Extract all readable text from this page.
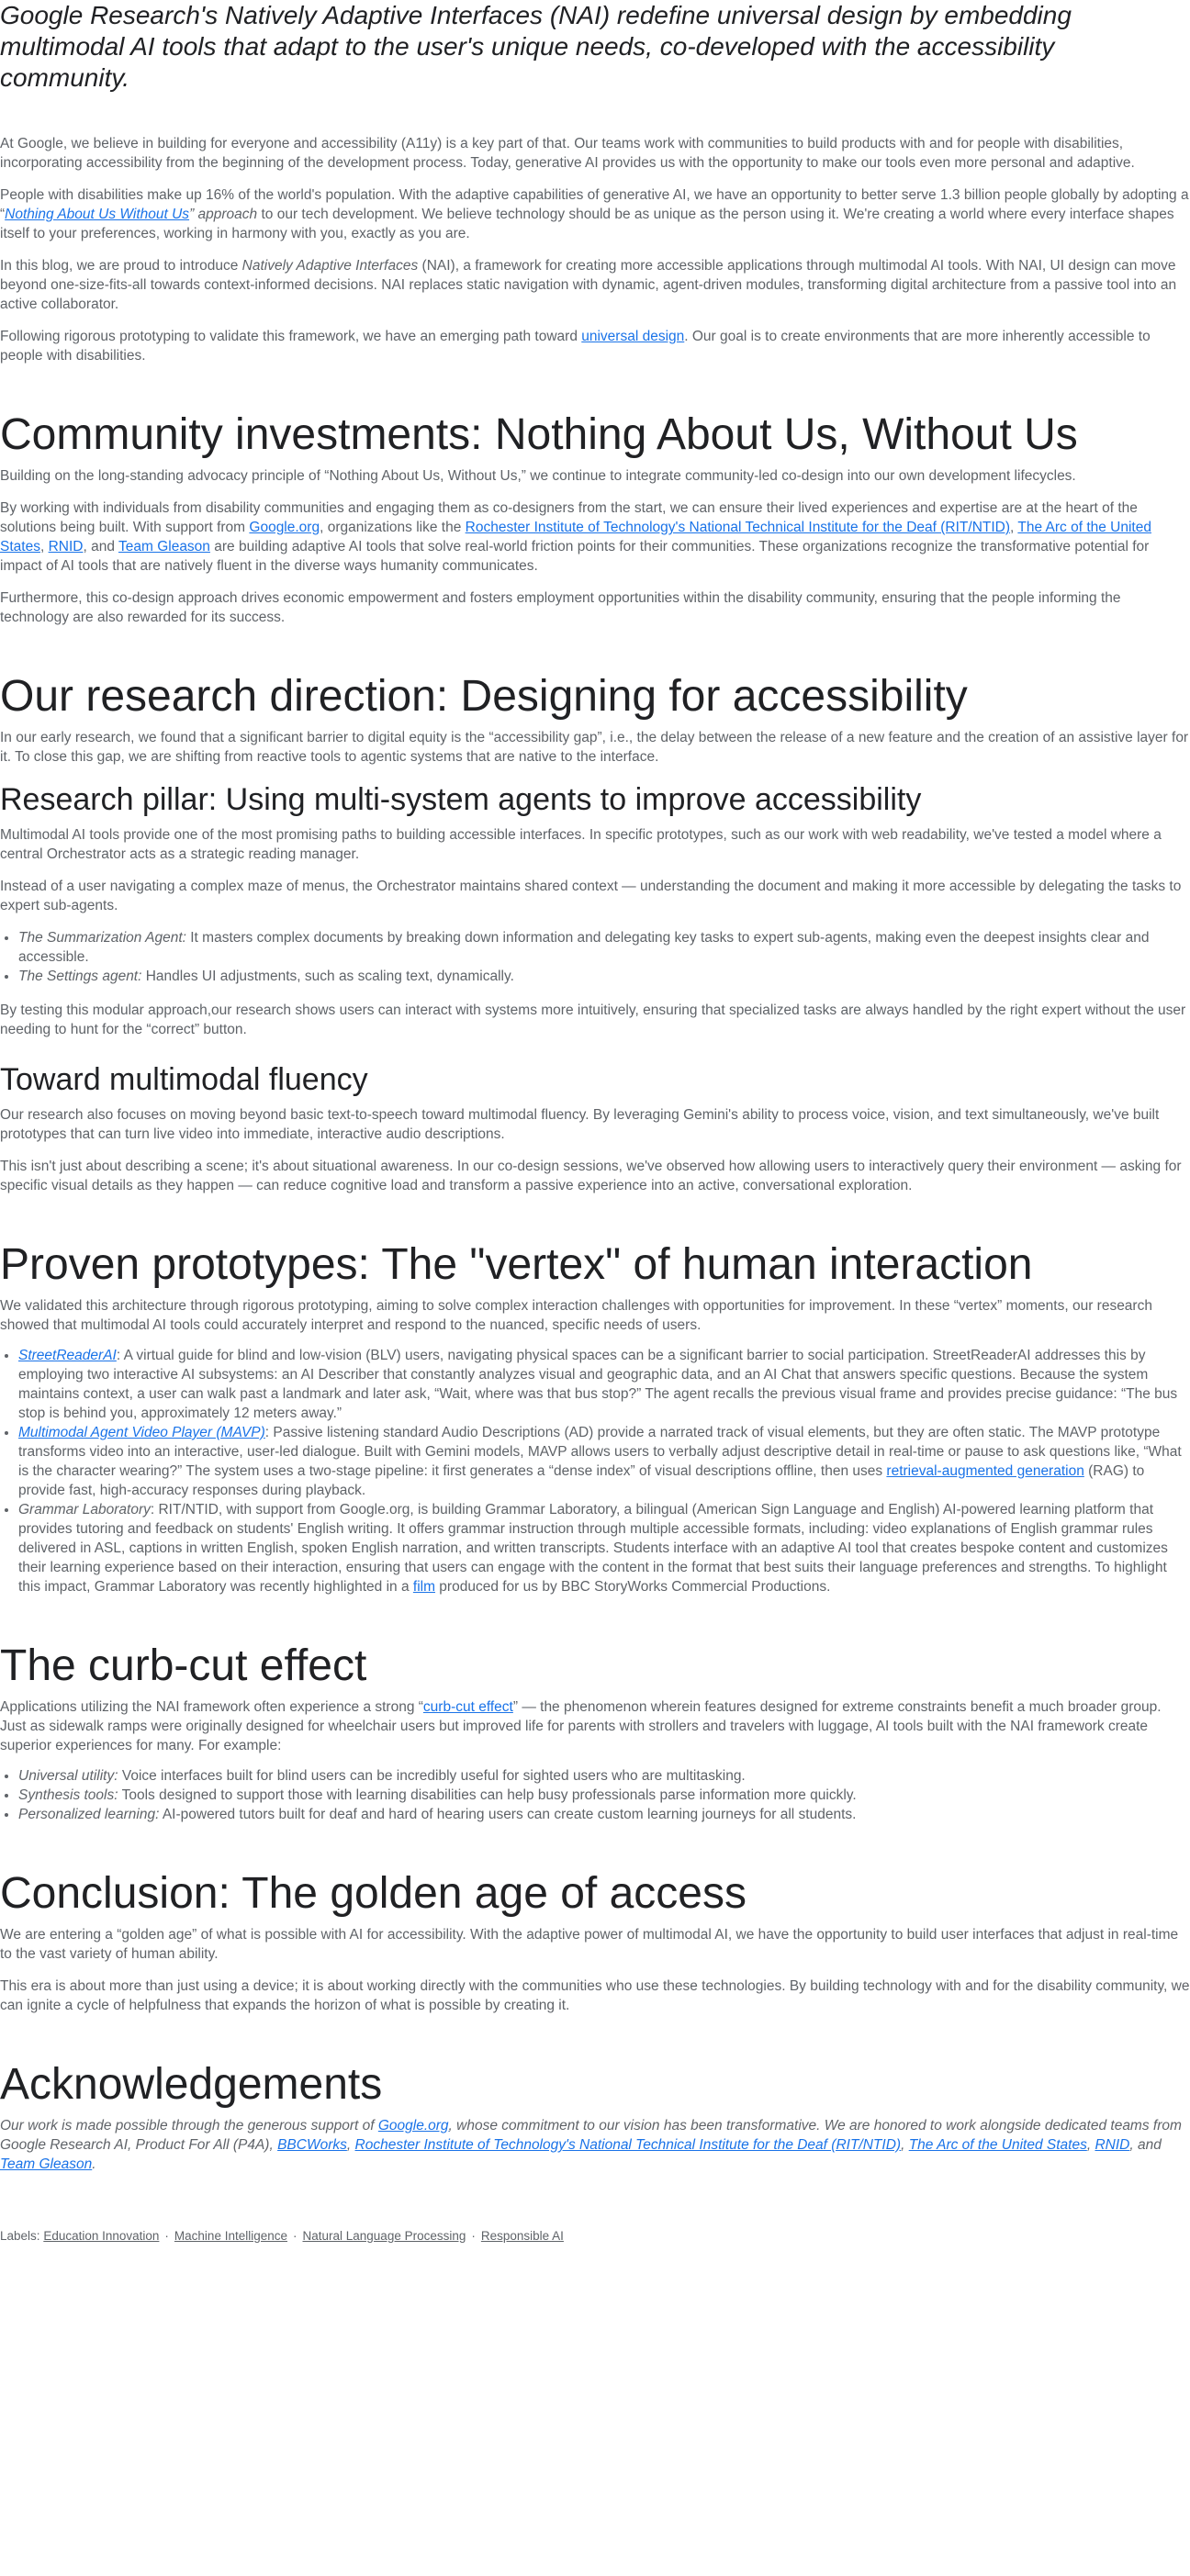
Google Research's Natively Adaptive Interfaces (NAI) redefine universal design by embedding multimodal AI tools that adapt to the user's unique needs, co-developed with the accessibility community.

At Google, we believe in building for everyone and accessibility (A11y) is a key part of that. Our teams work with communities to build products with and for people with disabilities, incorporating accessibility from the beginning of the development process. Today, generative AI provides us with the opportunity to make our tools even more personal and adaptive.

People with disabilities make up 16% of the world's population. With the adaptive capabilities of generative AI, we have an opportunity to better serve 1.3 billion people globally by adopting a “Nothing About Us Without Us” approach to our tech development. We believe technology should be as unique as the person using it. We're creating a world where every interface shapes itself to your preferences, working in harmony with you, exactly as you are.

In this blog, we are proud to introduce Natively Adaptive Interfaces (NAI), a framework for creating more accessible applications through multimodal AI tools. With NAI, UI design can move beyond one-size-fits-all towards context-informed decisions. NAI replaces static navigation with dynamic, agent-driven modules, transforming digital architecture from a passive tool into an active collaborator.

Following rigorous prototyping to validate this framework, we have an emerging path toward universal design. Our goal is to create environments that are more inherently accessible to people with disabilities.

Community investments: Nothing About Us, Without Us

Building on the long-standing advocacy principle of “Nothing About Us, Without Us,” we continue to integrate community-led co-design into our own development lifecycles.

By working with individuals from disability communities and engaging them as co-designers from the start, we can ensure their lived experiences and expertise are at the heart of the solutions being built. With support from Google.org, organizations like the Rochester Institute of Technology's National Technical Institute for the Deaf (RIT/NTID), The Arc of the United States, RNID, and Team Gleason are building adaptive AI tools that solve real-world friction points for their communities. These organizations recognize the transformative potential for impact of AI tools that are natively fluent in the diverse ways humanity communicates.

Furthermore, this co-design approach drives economic empowerment and fosters employment opportunities within the disability community, ensuring that the people informing the technology are also rewarded for its success.

Our research direction: Designing for accessibility

In our early research, we found that a significant barrier to digital equity is the “accessibility gap”, i.e., the delay between the release of a new feature and the creation of an assistive layer for it. To close this gap, we are shifting from reactive tools to agentic systems that are native to the interface.

Research pillar: Using multi-system agents to improve accessibility

Multimodal AI tools provide one of the most promising paths to building accessible interfaces. In specific prototypes, such as our work with web readability, we've tested a model where a central Orchestrator acts as a strategic reading manager.

Instead of a user navigating a complex maze of menus, the Orchestrator maintains shared context — understanding the document and making it more accessible by delegating the tasks to expert sub-agents.

• The Summarization Agent: It masters complex documents by breaking down information and delegating key tasks to expert sub-agents, making even the deepest insights clear and accessible.
• The Settings agent: Handles UI adjustments, such as scaling text, dynamically.

By testing this modular approach,our research shows users can interact with systems more intuitively, ensuring that specialized tasks are always handled by the right expert without the user needing to hunt for the “correct” button.

Toward multimodal fluency

Our research also focuses on moving beyond basic text-to-speech toward multimodal fluency. By leveraging Gemini's ability to process voice, vision, and text simultaneously, we've built prototypes that can turn live video into immediate, interactive audio descriptions.

This isn't just about describing a scene; it's about situational awareness. In our co-design sessions, we've observed how allowing users to interactively query their environment — asking for specific visual details as they happen — can reduce cognitive load and transform a passive experience into an active, conversational exploration.

Proven prototypes: The "vertex" of human interaction

We validated this architecture through rigorous prototyping, aiming to solve complex interaction challenges with opportunities for improvement. In these “vertex” moments, our research showed that multimodal AI tools could accurately interpret and respond to the nuanced, specific needs of users.

• StreetReaderAI: A virtual guide for blind and low-vision (BLV) users, navigating physical spaces can be a significant barrier to social participation. StreetReaderAI addresses this by employing two interactive AI subsystems: an AI Describer that constantly analyzes visual and geographic data, and an AI Chat that answers specific questions. Because the system maintains context, a user can walk past a landmark and later ask, “Wait, where was that bus stop?” The agent recalls the previous visual frame and provides precise guidance: “The bus stop is behind you, approximately 12 meters away.”
• Multimodal Agent Video Player (MAVP): Passive listening standard Audio Descriptions (AD) provide a narrated track of visual elements, but they are often static. The MAVP prototype transforms video into an interactive, user-led dialogue. Built with Gemini models, MAVP allows users to verbally adjust descriptive detail in real-time or pause to ask questions like, “What is the character wearing?” The system uses a two-stage pipeline: it first generates a “dense index” of visual descriptions offline, then uses retrieval-augmented generation (RAG) to provide fast, high-accuracy responses during playback.
• Grammar Laboratory: RIT/NTID, with support from Google.org, is building Grammar Laboratory, a bilingual (American Sign Language and English) AI-powered learning platform that provides tutoring and feedback on students' English writing. It offers grammar instruction through multiple accessible formats, including: video explanations of English grammar rules delivered in ASL, captions in written English, spoken English narration, and written transcripts. Students interface with an adaptive AI tool that creates bespoke content and customizes their learning experience based on their interaction, ensuring that users can engage with the content in the format that best suits their language preferences and strengths. To highlight this impact, Grammar Laboratory was recently highlighted in a film produced for us by BBC StoryWorks Commercial Productions.
The curb-cut effect

Applications utilizing the NAI framework often experience a strong “curb-cut effect” — the phenomenon wherein features designed for extreme constraints benefit a much broader group. Just as sidewalk ramps were originally designed for wheelchair users but improved life for parents with strollers and travelers with luggage, AI tools built with the NAI framework create superior experiences for many. For example:

• Universal utility: Voice interfaces built for blind users can be incredibly useful for sighted users who are multitasking.
• Synthesis tools: Tools designed to support those with learning disabilities can help busy professionals parse information more quickly.
• Personalized learning: AI-powered tutors built for deaf and hard of hearing users can create custom learning journeys for all students.
Conclusion: The golden age of access

We are entering a “golden age” of what is possible with AI for accessibility. With the adaptive power of multimodal AI, we have the opportunity to build user interfaces that adjust in real-time to the vast variety of human ability.

This era is about more than just using a device; it is about working directly with the communities who use these technologies. By building technology with and for the disability community, we can ignite a cycle of helpfulness that expands the horizon of what is possible by creating it.

Acknowledgements

Our work is made possible through the generous support of Google.org, whose commitment to our vision has been transformative. We are honored to work alongside dedicated teams from Google Research AI, Product For All (P4A), BBCWorks, Rochester Institute of Technology's National Technical Institute for the Deaf (RIT/NTID), The Arc of the United States, RNID, and Team Gleason.

Labels: Education Innovation · Machine Intelligence · Natural Language Processing · Responsible AI
